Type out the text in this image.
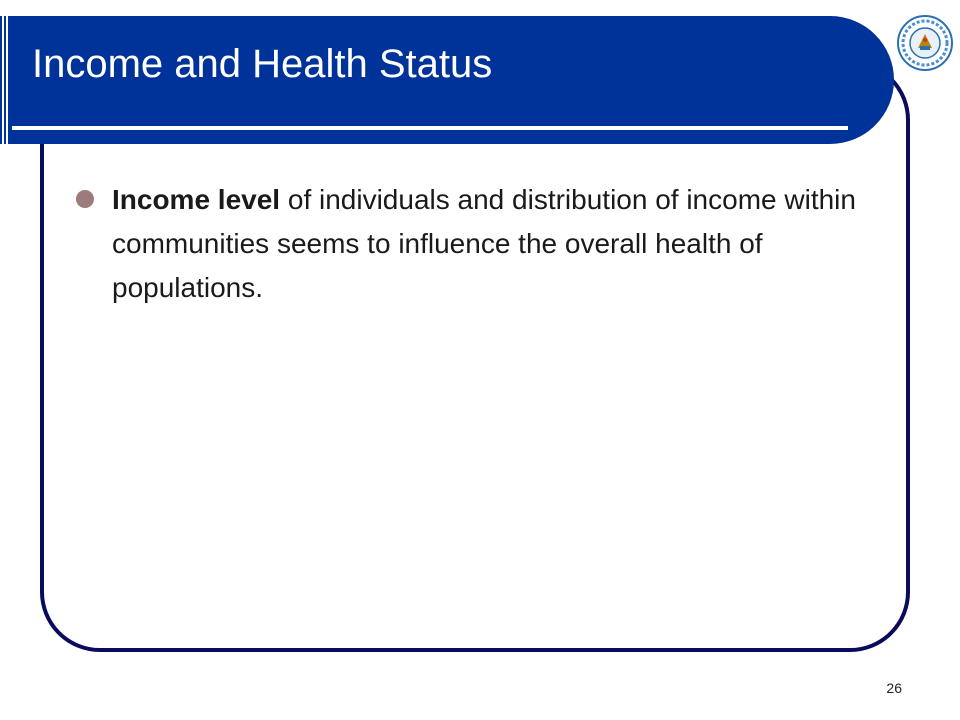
Income and Health Status
Income level of individuals and distribution of income within communities seems to influence the overall health of populations.
26
